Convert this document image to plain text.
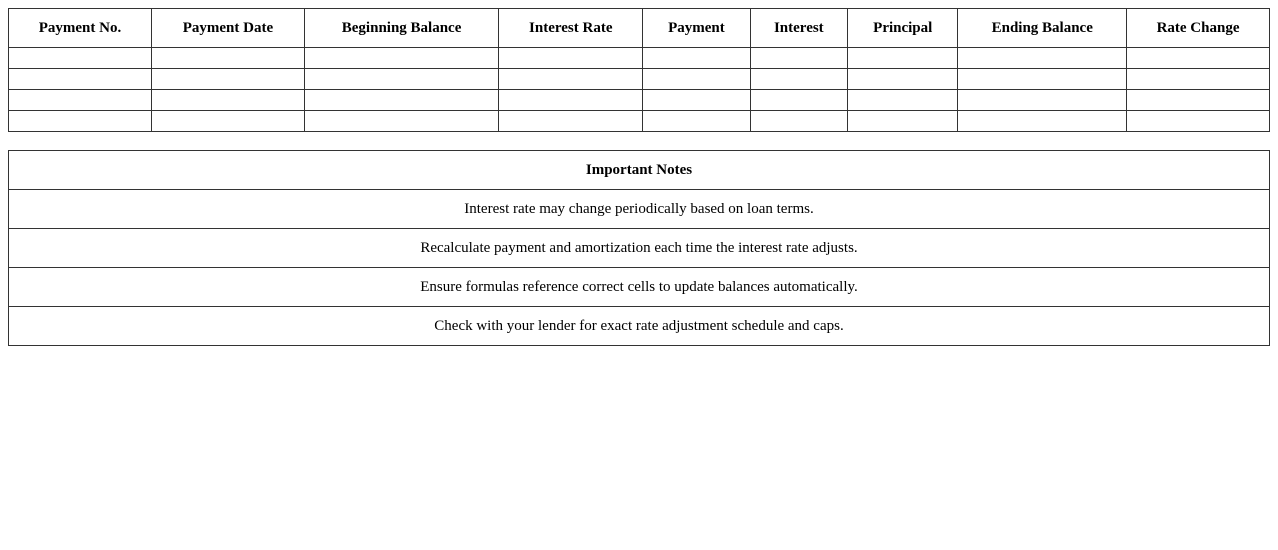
Payment No.	Payment Date	Beginning Balance	Interest Rate	Payment	Interest	Principal	Ending Balance	Rate Change

Important Notes
Interest rate may change periodically based on loan terms.
Recalculate payment and amortization each time the interest rate adjusts.
Ensure formulas reference correct cells to update balances automatically.
Check with your lender for exact rate adjustment schedule and caps.
